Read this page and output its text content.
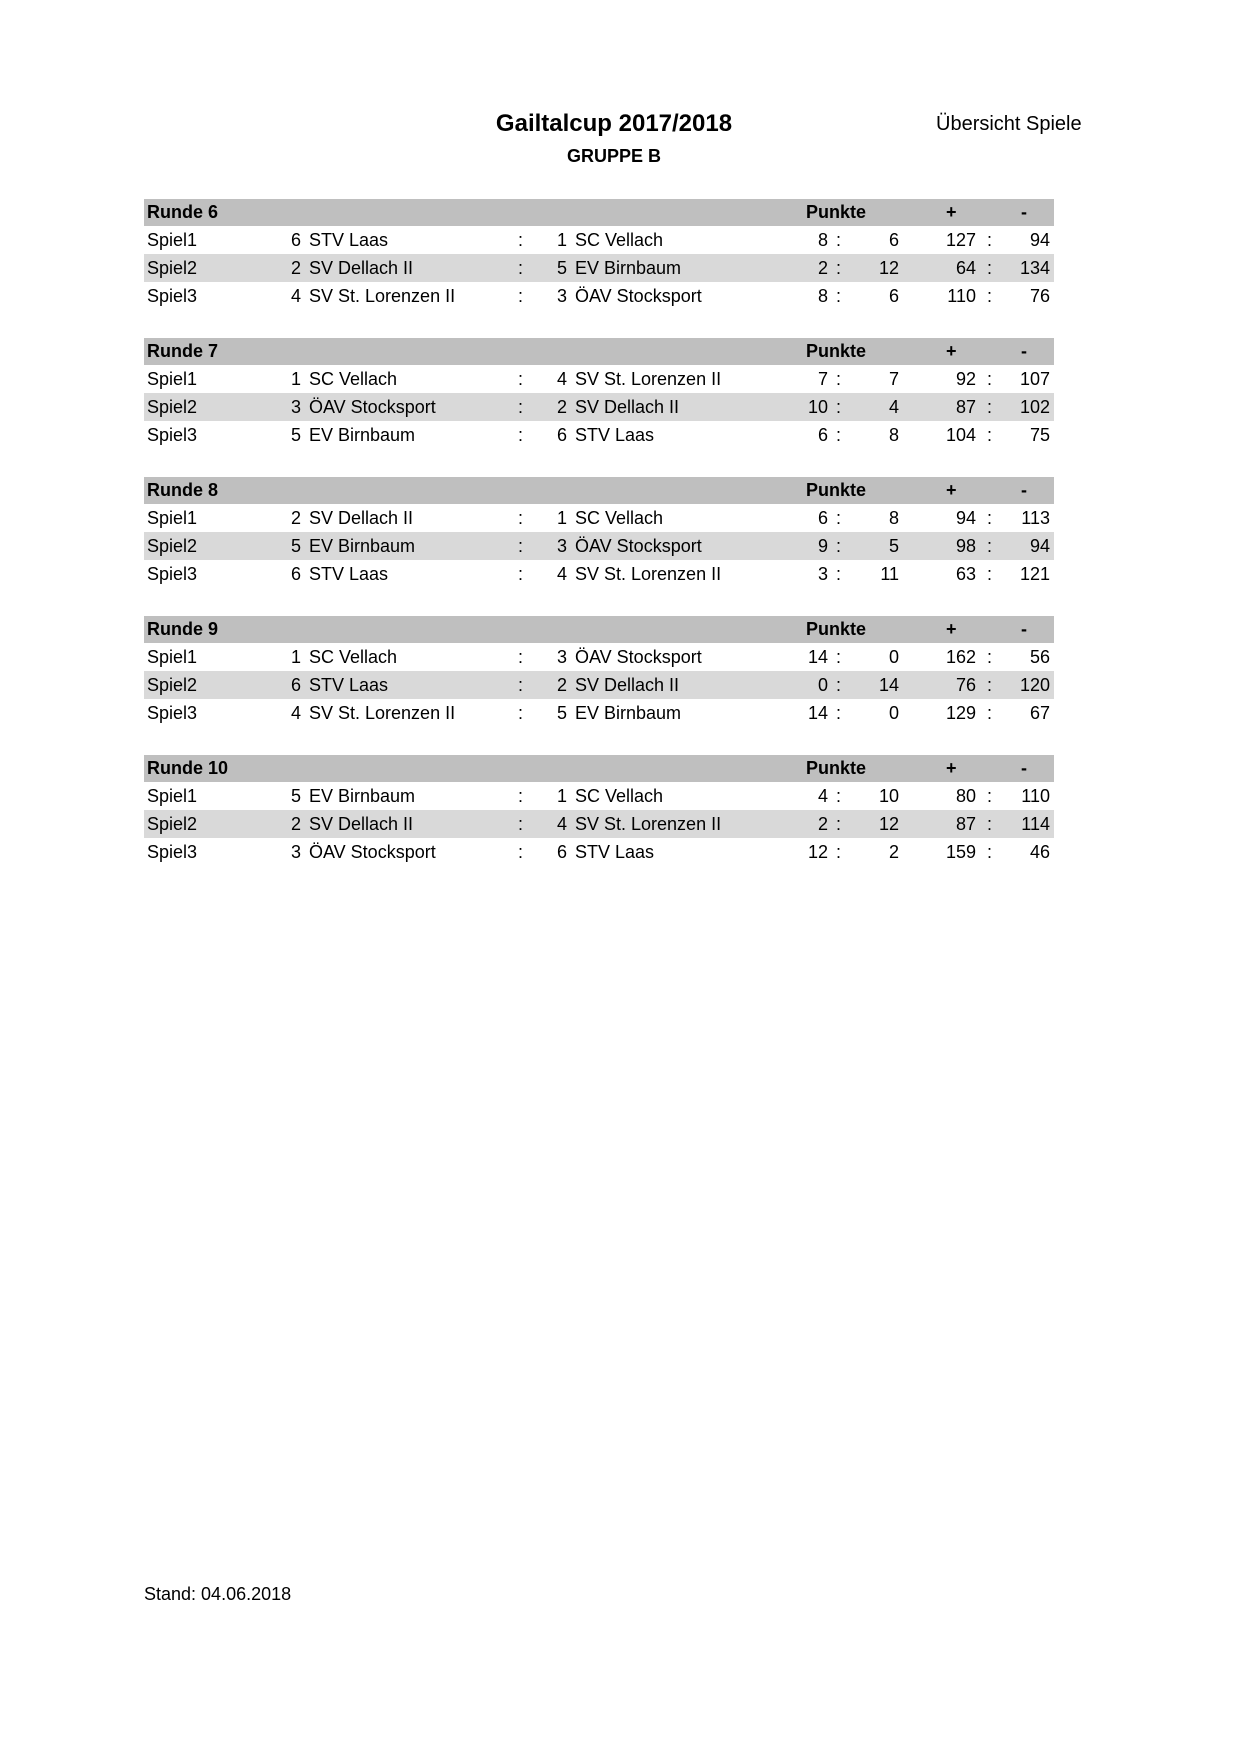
Gailtalcup 2017/2018
GRUPPE B
Übersicht Spiele
Runde 6	Punkte	+	-
Spiel1	6 STV Laas	: 1 SC Vellach	8 :	6	127 :	94
Spiel2	2 SV Dellach II	: 5 EV Birnbaum	2 :	12	64 :	134
Spiel3	4 SV St. Lorenzen II	: 3 ÖAV Stocksport	8 :	6	110 :	76
Runde 7	Punkte	+	-
Spiel1	1 SC Vellach	: 4 SV St. Lorenzen II	7 :	7	92 :	107
Spiel2	3 ÖAV Stocksport	: 2 SV Dellach II	10 :	4	87 :	102
Spiel3	5 EV Birnbaum	: 6 STV Laas	6 :	8	104 :	75
Runde 8	Punkte	+	-
Spiel1	2 SV Dellach II	: 1 SC Vellach	6 :	8	94 :	113
Spiel2	5 EV Birnbaum	: 3 ÖAV Stocksport	9 :	5	98 :	94
Spiel3	6 STV Laas	: 4 SV St. Lorenzen II	3 :	11	63 :	121
Runde 9	Punkte	+	-
Spiel1	1 SC Vellach	: 3 ÖAV Stocksport	14 :	0	162 :	56
Spiel2	6 STV Laas	: 2 SV Dellach II	0 :	14	76 :	120
Spiel3	4 SV St. Lorenzen II	: 5 EV Birnbaum	14 :	0	129 :	67
Runde 10	Punkte	+	-
Spiel1	5 EV Birnbaum	: 1 SC Vellach	4 :	10	80 :	110
Spiel2	2 SV Dellach II	: 4 SV St. Lorenzen II	2 :	12	87 :	114
Spiel3	3 ÖAV Stocksport	: 6 STV Laas	12 :	2	159 :	46
Stand: 04.06.2018
